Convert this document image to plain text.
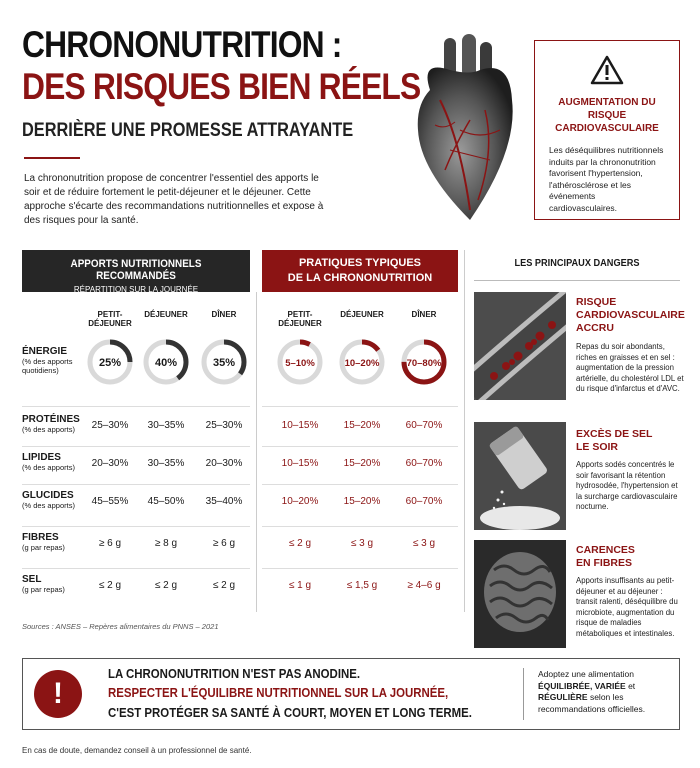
CHRONONUTRITION :
DES RISQUES BIEN RÉELS
DERRIÈRE UNE PROMESSE ATTRAYANTE
La chrononutrition propose de concentrer l'essentiel des apports le soir et de réduire fortement le petit-déjeuner et le déjeuner. Cette approche s'écarte des recommandations nutritionnelles et expose à des risques pour la santé.
AUGMENTATION DU RISQUE CARDIOVASCULAIRE
Les déséquilibres nutritionnels induits par la chrononutrition favorisent l'hypertension, l'athérosclérose et les événements cardiovasculaires.
APPORTS NUTRITIONNELS RECOMMANDÉS
RÉPARTITION SUR LA JOURNÉE
PRATIQUES TYPIQUES
DE LA CHRONONUTRITION
PETIT-DÉJEUNER
DÉJEUNER	DÎNER	PETIT-DÉJEUNER
DÉJEUNER	DÎNER
ÉNERGIE
(% des apports quotidiens)
25%	40%	35%	5–10%	10–20%	70–80%
PROTÉINES
(% des apports)	25–30%	30–35%	25–30%	10–15%	15–20%	60–70%
LIPIDES
(% des apports)	20–30%	30–35%	20–30%	10–15%	15–20%	60–70%
GLUCIDES
(% des apports)	45–55%	45–50%	35–40%	10–20%	15–20%	60–70%
FIBRES
(g par repas)	≥ 6 g	≥ 8 g	≥ 6 g	≤ 2 g	≤ 3 g	≤ 3 g
SEL
(g par repas)	≤ 2 g	≤ 2 g	≤ 2 g	≤ 1 g	≤ 1,5 g	≥ 4–6 g
Sources : ANSES – Repères alimentaires du PNNS – 2021
LES PRINCIPAUX DANGERS
RISQUE
CARDIOVASCULAIRE
ACCRU
Repas du soir abondants, riches en graisses et en sel : augmentation de la pression artérielle, du cholestérol LDL et du risque d'infarctus et d'AVC.
EXCÈS DE SEL
LE SOIR
Apports sodés concentrés le soir favorisant la rétention hydrosodée, l'hypertension et la surcharge cardiovasculaire nocturne.
CARENCES
EN FIBRES
Apports insuffisants au petit-déjeuner et au déjeuner : transit ralenti, déséquilibre du microbiote, augmentation du risque de maladies métaboliques et intestinales.
!
LA CHRONONUTRITION N'EST PAS ANODINE.
RESPECTER L'ÉQUILIBRE NUTRITIONNEL SUR LA JOURNÉE,
C'EST PROTÉGER SA SANTÉ À COURT, MOYEN ET LONG TERME.
Adoptez une alimentation ÉQUILIBRÉE, VARIÉE et RÉGULIÈRE selon les recommandations officielles.
En cas de doute, demandez conseil à un professionnel de santé.
